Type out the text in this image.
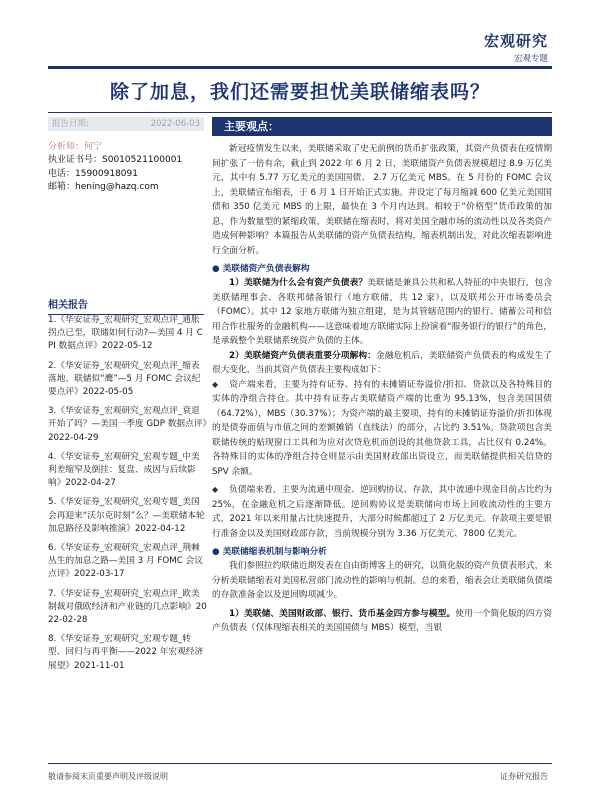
宏观研究
宏观专题
除了加息，我们还需要担忧美联储缩表吗？
报告日期:	2022-06-03
分析师：何宁
执业证书号：S0010521100001
电话：15900918091
邮箱：hening@hazq.com
相关报告
1.《华安证券_宏观研究_宏观点评_通胀拐点已至，联储如何行动?—美国 4 月 CPI 数据点评》2022-05-12
2.《华安证券_宏观研究_宏观点评_缩表落地、联储似“鹰”—5 月 FOMC 会议纪要点评》2022-05-05
3.《华安证券_宏观研究_宏观点评_衰退开始了吗？—美国一季度 GDP 数据点评》2022-04-29
4.《华安证券_宏观研究_宏观专题_中美利差缩窄及倒挂：复盘、成因与后续影响》2022-04-27
5.《华安证券_宏观研究_宏观专题_美国会再迎来“沃尔克时刻”么？—美联储本轮加息路径及影响推演》2022-04-12
6.《华安证券_宏观研究_宏观点评_荆棘丛生的加息之路—美国 3 月 FOMC 会议点评》2022-03-17
7.《华安证券_宏观研究_宏观点评_欧美制裁对俄欧经济和产业链的几点影响》2022-02-28
8.《华安证券_宏观研究_宏观专题_转型、回归与再平衡——2022 年宏观经济展望》2021-11-01
主要观点：

新冠疫情发生以来，美联储采取了史无前例的货币扩张政策，其资产负债表在疫情期间扩张了一倍有余，截止到 2022 年 6 月 2 日，美联储资产负债表规模超过 8.9 万亿美元，其中有 5.77 万亿美元的美国国债、 2.7 万亿美元 MBS。在 5 月份的 FOMC 会议上，美联储宣布缩表，于 6 月 1 日开始正式实施。并设定了每月缩减 600 亿美元美国国债和 350 亿美元 MBS 的上限，最快在 3 个月内达到。相较于“价格型”货币政策的加息，作为数量型的紧缩政策，美联储在缩表时，将对美国全融市场的流动性以及各类资产造成何种影响？本篇报告从美联储的资产负债表结构，缩表机制出发，对此次缩表影响进行全面分析。

● 美联储资产负债表解构

1）美联储为什么会有资产负债表？美联储是兼具公共和私人特征的中央银行，包含美联储理事会、各联邦储备银行（地方联储，共 12 家），以及联邦公开市场委员会（FOMC）。其中 12 家地方联储为独立组建，是为其管辖范围内的银行、储蓄公司和信用合作社服务的金融机构——这意味着地方联储实际上扮演着“服务银行的银行”的角色，是承载整个美联储系统资产负债的主体。

2）美联储资产负债表重要分项解构：金融危机后，美联储资产负债表的构成发生了很大变化，当前其资产负债表主要构成如下：

◆ 资产端来看，主要为持有证券、持有的未摊销证券溢价/折扣、贷款以及各特殊目的实体的净组合持仓。其中持有证券占美联储资产端的比重为 95.13%，包含美国国债（64.72%），MBS（30.37%）；为资产端的最主要项，持有的未摊销证券溢价/折扣体现的是债券面值与市值之间的差额摊销（直线法）的部分，占比约 3.51%。贷款项包含美联储传统的贴现窗口工具和为应对次贷危机而创设的其他贷款工具，占比仅有 0.24%。各特殊目的实体的净组合持仓则显示由美国财政部出资设立，而美联储提供相关信贷的 SPV 余额。

◆ 负债端来看，主要为流通中现金、逆回购协议、存款，其中流通中现金目前占比约为 25%，在金融危机之后逐渐降低。逆回购协议是美联储向市场上回收流动性的主要方式，2021 年以来用量占比快速提升，大部分时候都超过了 2 万亿美元。存款项主要是银行准备金以及美国财政部存款，当前规模分别为 3.36 万亿美元、7800 亿美元。

● 美联储缩表机制与影响分析

我们参照拉约联储近期发表在自由街博客上的研究，以简化版的资产负债表形式，来分析美联储缩表对美国私营部门流动性的影响与机制。总的来看，缩表会让美联储负债端的存款准备金以及逆回购项减少。

1）美联储、美国财政部、银行、货币基金四方参与模型。使用一个简化版的四方资产负债表（仅体现缩表相关的美国国债与 MBS）模型，当银

敬请参阅末页重要声明及评级说明	证券研究报告
